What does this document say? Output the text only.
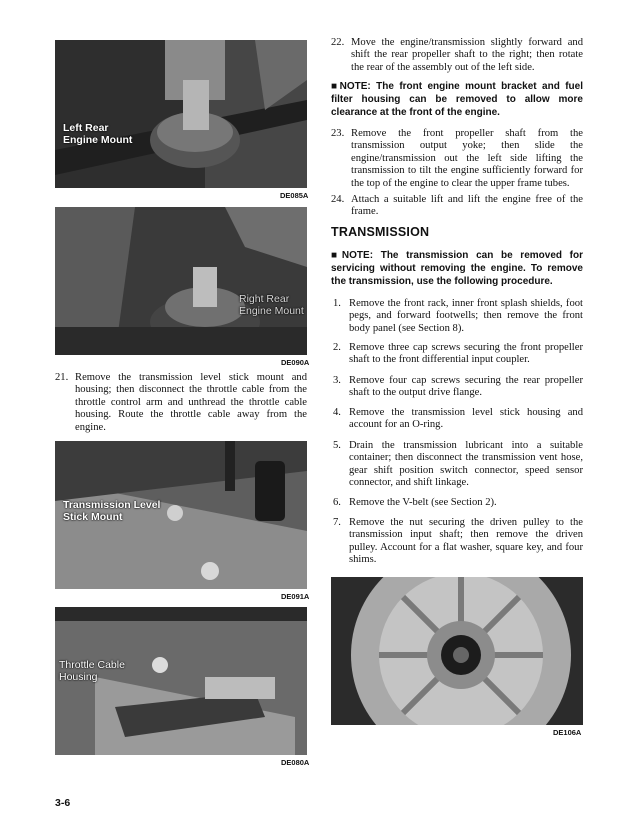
Left Rear
Engine Mount
DE085A
Right Rear
Engine Mount
DE090A
21. Remove the transmission level stick mount and housing; then disconnect the throttle cable from the throttle control arm and unthread the throttle cable housing. Route the throttle cable away from the engine.
Transmission Level
Stick Mount
DE091A
Throttle Cable
Housing
DE080A
22. Move the engine/transmission slightly forward and shift the rear propeller shaft to the right; then rotate the rear of the assembly out of the left side.
■NOTE: The front engine mount bracket and fuel filter housing can be removed to allow more clearance at the front of the engine.
23. Remove the front propeller shaft from the transmission output yoke; then slide the engine/transmission out the left side lifting the transmission to tilt the engine sufficiently forward for the top of the engine to clear the upper frame tubes.
24. Attach a suitable lift and lift the engine free of the frame.
TRANSMISSION
■NOTE: The transmission can be removed for servicing without removing the engine. To remove the transmission, use the following procedure.
1. Remove the front rack, inner front splash shields, foot pegs, and forward footwells; then remove the front body panel (see Section 8).
2. Remove three cap screws securing the front propeller shaft to the front differential input coupler.
3. Remove four cap screws securing the rear propeller shaft to the output drive flange.
4. Remove the transmission level stick housing and account for an O-ring.
5. Drain the transmission lubricant into a suitable container; then disconnect the transmission vent hose, gear shift position switch connector, speed sensor connector, and shift linkage.
6. Remove the V-belt (see Section 2).
7. Remove the nut securing the driven pulley to the transmission input shaft; then remove the driven pulley. Account for a flat washer, square key, and four shims.
DE106A
3-6
